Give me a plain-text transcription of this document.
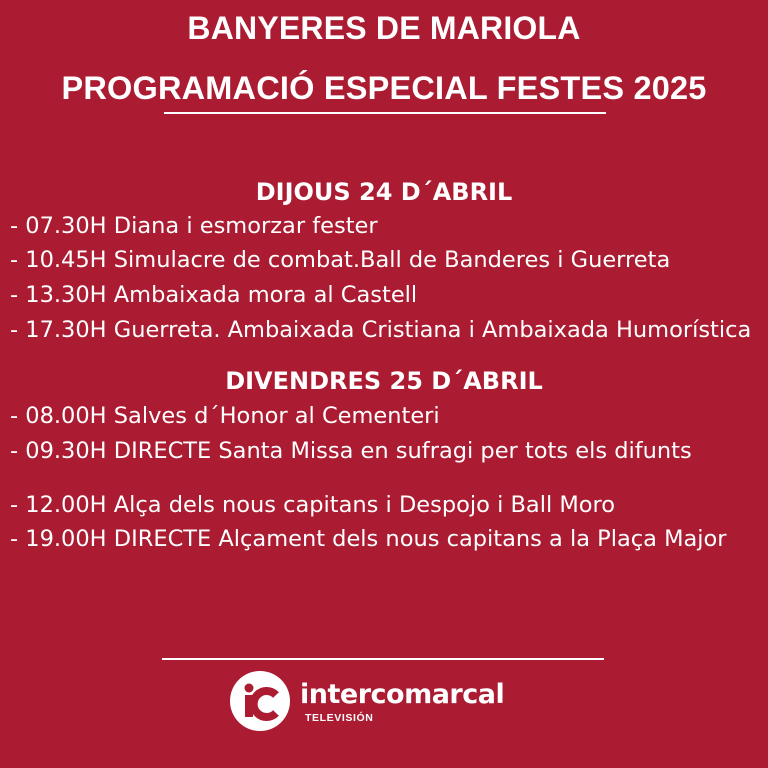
BANYERES DE MARIOLA
PROGRAMACIÓ ESPECIAL FESTES 2025
DIJOUS 24 D´ABRIL

- 07.30H Diana i esmorzar fester

- 10.45H Simulacre de combat.Ball de Banderes i Guerreta

- 13.30H Ambaixada mora al Castell

- 17.30H Guerreta. Ambaixada Cristiana i Ambaixada Humorística

DIVENDRES 25 D´ABRIL

- 08.00H Salves d´Honor al Cementeri

- 09.30H DIRECTE Santa Missa en sufragi per tots els difunts

- 12.00H Alça dels nous capitans i Despojo i Ball Moro

- 19.00H DIRECTE Alçament dels nous capitans a la Plaça Major

intercomarcal
TELEVISIÓN
